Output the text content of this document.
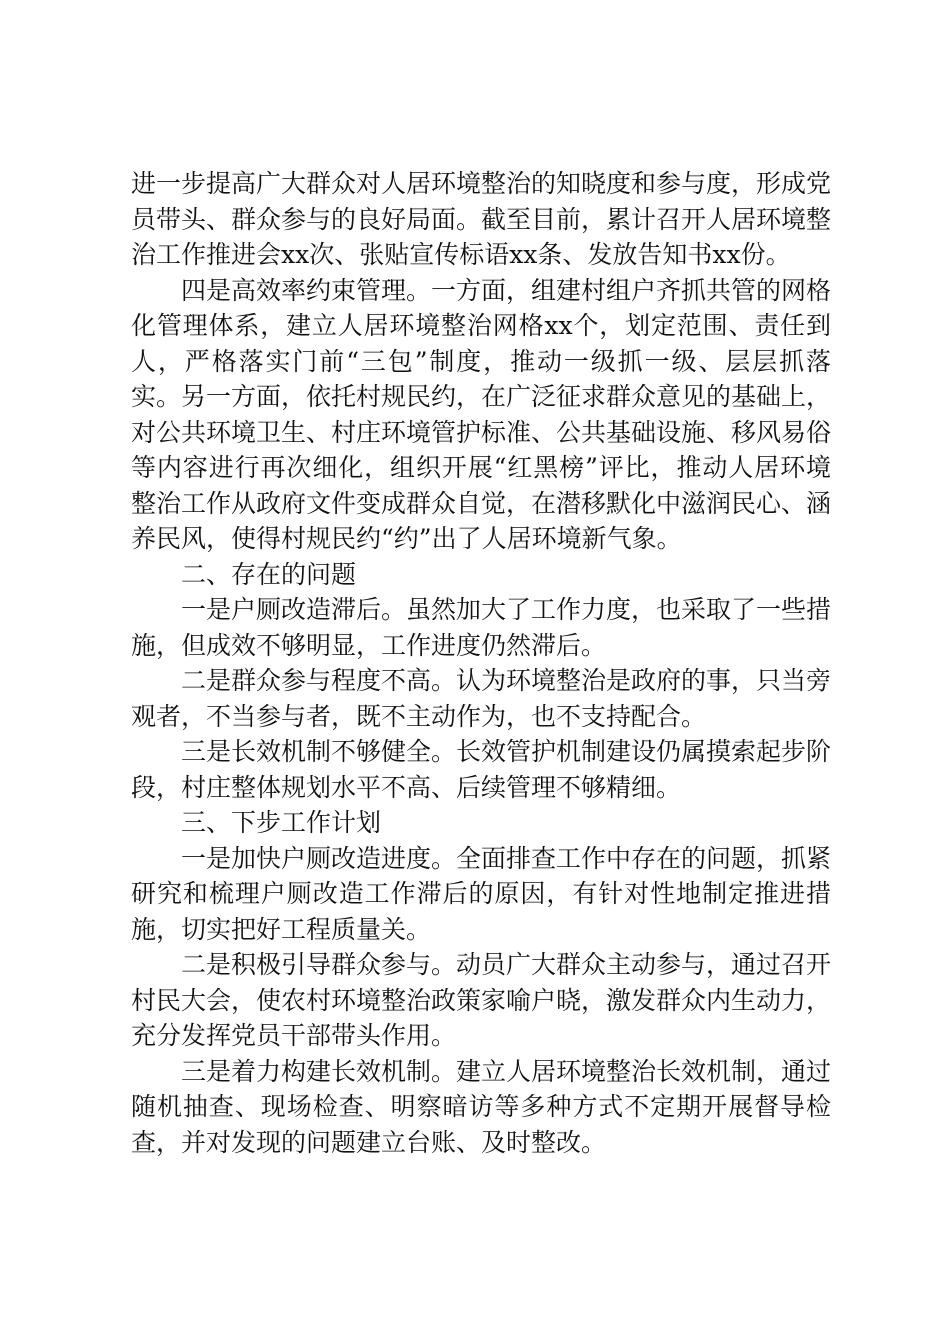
进一步提高广大群众对人居环境整治的知晓度和参与度，形成党员带头、群众参与的良好局面。截至目前，累计召开人居环境整治工作推进会xx次、张贴宣传标语xx条、发放告知书xx份。

四是高效率约束管理。一方面，组建村组户齐抓共管的网格化管理体系，建立人居环境整治网格xx个，划定范围、责任到人，严格落实门前“三包”制度，推动一级抓一级、层层抓落实。另一方面，依托村规民约，在广泛征求群众意见的基础上，对公共环境卫生、村庄环境管护标准、公共基础设施、移风易俗等内容进行再次细化，组织开展“红黑榜”评比，推动人居环境整治工作从政府文件变成群众自觉，在潜移默化中滋润民心、涵养民风，使得村规民约“约”出了人居环境新气象。

二、存在的问题

一是户厕改造滞后。虽然加大了工作力度，也采取了一些措施，但成效不够明显，工作进度仍然滞后。

二是群众参与程度不高。认为环境整治是政府的事，只当旁观者，不当参与者，既不主动作为，也不支持配合。

三是长效机制不够健全。长效管护机制建设仍属摸索起步阶段，村庄整体规划水平不高、后续管理不够精细。

三、下步工作计划

一是加快户厕改造进度。全面排查工作中存在的问题，抓紧研究和梳理户厕改造工作滞后的原因，有针对性地制定推进措施，切实把好工程质量关。

二是积极引导群众参与。动员广大群众主动参与，通过召开村民大会，使农村环境整治政策家喻户晓，激发群众内生动力，充分发挥党员干部带头作用。

三是着力构建长效机制。建立人居环境整治长效机制，通过随机抽查、现场检查、明察暗访等多种方式不定期开展督导检查，并对发现的问题建立台账、及时整改。
